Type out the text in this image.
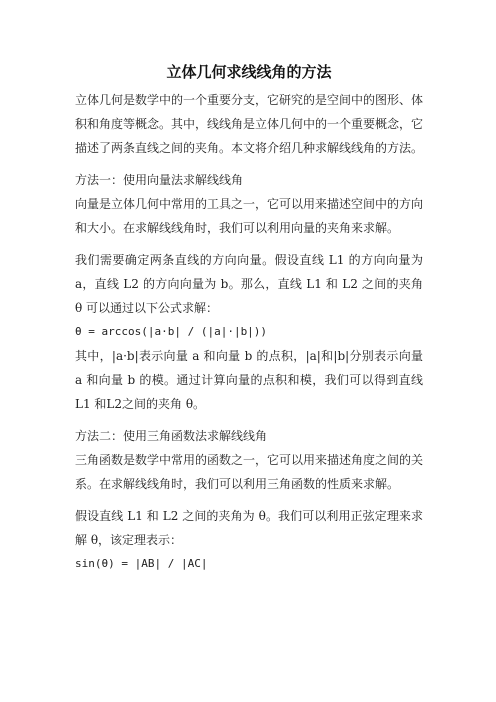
立体几何求线线角的方法

立体几何是数学中的一个重要分支，它研究的是空间中的图形、体积和角度等概念。其中，线线角是立体几何中的一个重要概念，它描述了两条直线之间的夹角。本文将介绍几种求解线线角的方法。

方法一：使用向量法求解线线角

向量是立体几何中常用的工具之一，它可以用来描述空间中的方向和大小。在求解线线角时，我们可以利用向量的夹角来求解。

我们需要确定两条直线的方向向量。假设直线 L1 的方向向量为 a，直线 L2 的方向向量为 b。那么，直线 L1 和 L2 之间的夹角 θ 可以通过以下公式求解：

θ = arccos(|a·b| / (|a|·|b|))

其中，|a·b|表示向量 a 和向量 b 的点积，|a|和|b|分别表示向量 a 和向量 b 的模。通过计算向量的点积和模，我们可以得到直线 L1 和L2之间的夹角 θ。

方法二：使用三角函数法求解线线角

三角函数是数学中常用的函数之一，它可以用来描述角度之间的关系。在求解线线角时，我们可以利用三角函数的性质来求解。

假设直线 L1 和 L2 之间的夹角为 θ。我们可以利用正弦定理来求解 θ，该定理表示：

sin(θ) = |AB| / |AC|
